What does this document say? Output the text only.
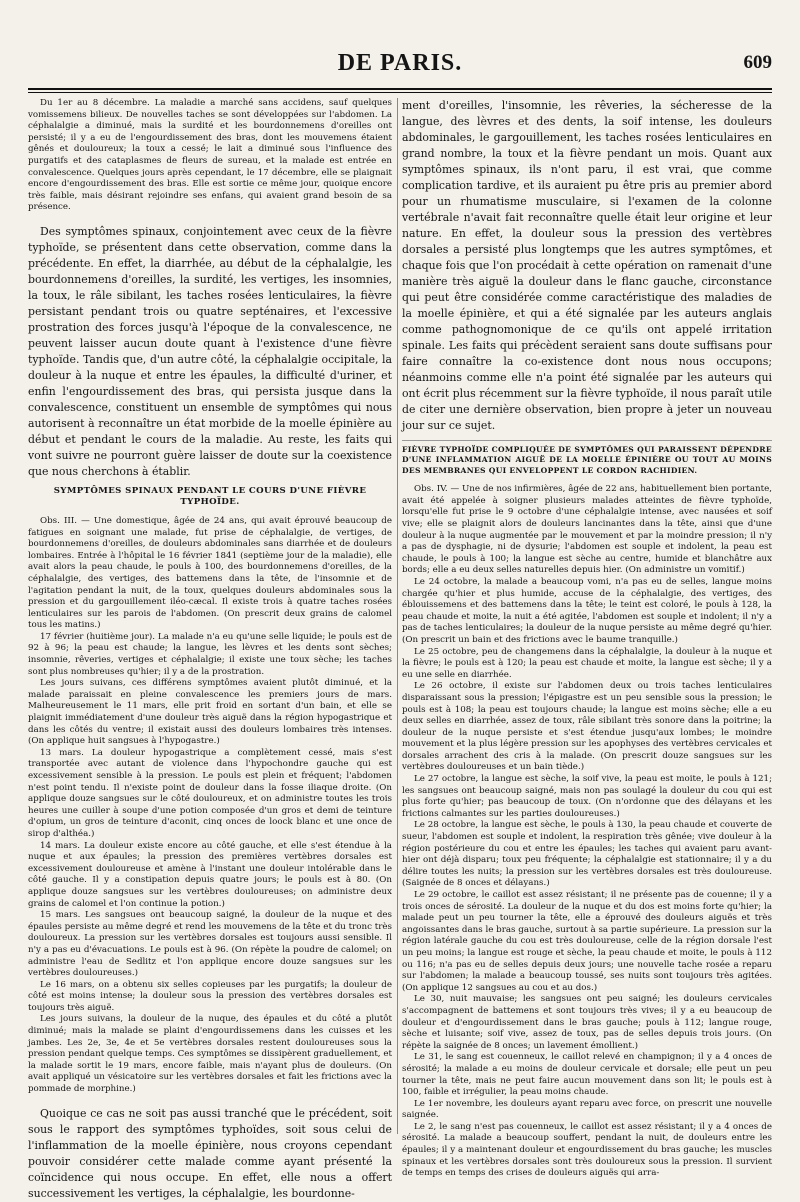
DE PARIS.	609

Du 1er au 8 décembre. La maladie a marché sans accidens, sauf quelques vomissemens bilieux. De nouvelles taches se sont développées sur l'abdomen. La céphalalgie a diminué, mais la surdité et les bourdonnemens d'oreilles ont persisté; il y a eu de l'engourdissement des bras, dont les mouvemens étaient gênés et douloureux; la toux a cessé; le lait a diminué sous l'influence des purgatifs et des cataplasmes de fleurs de sureau, et la malade est entrée en convalescence. Quelques jours après cependant, le 17 décembre, elle se plaignait encore d'engourdissement des bras. Elle est sortie ce même jour, quoique encore très faible, mais désirant rejoindre ses enfans, qui avaient grand besoin de sa présence.

Des symptômes spinaux, conjointement avec ceux de la fièvre typhoïde, se présentent dans cette observation, comme dans la précédente. En effet, la diarrhée, au début de la céphalalgie, les bourdonnemens d'oreilles, la surdité, les vertiges, les insomnies, la toux, le râle sibilant, les taches rosées lenticulaires, la fièvre persistant pendant trois ou quatre septénaires, et l'excessive prostration des forces jusqu'à l'époque de la convalescence, ne peuvent laisser aucun doute quant à l'existence d'une fièvre typhoïde. Tandis que, d'un autre côté, la céphalalgie occipitale, la douleur à la nuque et entre les épaules, la difficulté d'uriner, et enfin l'engourdissement des bras, qui persista jusque dans la convalescence, constituent un ensemble de symptômes qui nous autorisent à reconnaître un état morbide de la moelle épinière au début et pendant le cours de la maladie. Au reste, les faits qui vont suivre ne pourront guère laisser de doute sur la coexistence que nous cherchons à établir.

SYMPTÔMES SPINAUX PENDANT LE COURS D'UNE FIÈVRE TYPHOÏDE.

Obs. III. — Une domestique, âgée de 24 ans, qui avait éprouvé beaucoup de fatigues en soignant une malade, fut prise de céphalalgie, de vertiges, de bourdonnemens d'oreilles, de douleurs abdominales sans diarrhée et de douleurs lombaires. Entrée à l'hôpital le 16 février 1841 (septième jour de la maladie), elle avait alors la peau chaude, le pouls à 100, des bourdonnemens d'oreilles, de la céphalalgie, des vertiges, des battemens dans la tête, de l'insomnie et de l'agitation pendant la nuit, de la toux, quelques douleurs abdominales sous la pression et du gargouillement iléo-cæcal. Il existe trois à quatre taches rosées lenticulaires sur les parois de l'abdomen. (On prescrit deux grains de calomel tous les matins.)

17 février (huitième jour). La malade n'a eu qu'une selle liquide; le pouls est de 92 à 96; la peau est chaude; la langue, les lèvres et les dents sont sèches; insomnie, rêveries, vertiges et céphalalgie; il existe une toux sèche; les taches sont plus nombreuses qu'hier; il y a de la prostration.

Les jours suivans, ces différens symptômes avaient plutôt diminué, et la malade paraissait en pleine convalescence les premiers jours de mars. Malheureusement le 11 mars, elle prit froid en sortant d'un bain, et elle se plaignit immédiatement d'une douleur très aiguë dans la région hypogastrique et dans les côtés du ventre; il existait aussi des douleurs lombaires très intenses. (On applique huit sangsues à l'hypogastre.)

13 mars. La douleur hypogastrique a complètement cessé, mais s'est transportée avec autant de violence dans l'hypochondre gauche qui est excessivement sensible à la pression. Le pouls est plein et fréquent; l'abdomen n'est point tendu. Il n'existe point de douleur dans la fosse iliaque droite. (On applique douze sangsues sur le côté douloureux, et on administre toutes les trois heures une cuiller à soupe d'une potion composée d'un gros et demi de teinture d'opium, un gros de teinture d'aconit, cinq onces de loock blanc et une once de sirop d'althéa.)

14 mars. La douleur existe encore au côté gauche, et elle s'est étendue à la nuque et aux épaules; la pression des premières vertèbres dorsales est excessivement douloureuse et amène à l'instant une douleur intolérable dans le côté gauche. Il y a constipation depuis quatre jours; le pouls est à 80. (On applique douze sangsues sur les vertèbres douloureuses; on administre deux grains de calomel et l'on continue la potion.)

15 mars. Les sangsues ont beaucoup saigné, la douleur de la nuque et des épaules persiste au même degré et rend les mouvemens de la tête et du tronc très douloureux. La pression sur les vertèbres dorsales est toujours aussi sensible. Il n'y a pas eu d'évacuations. Le pouls est à 96. (On répète la poudre de calomel; on administre l'eau de Sedlitz et l'on applique encore douze sangsues sur les vertèbres douloureuses.)

Le 16 mars, on a obtenu six selles copieuses par les purgatifs; la douleur de côté est moins intense; la douleur sous la pression des vertèbres dorsales est toujours très aiguë.

Les jours suivans, la douleur de la nuque, des épaules et du côté a plutôt diminué; mais la malade se plaint d'engourdissemens dans les cuisses et les jambes. Les 2e, 3e, 4e et 5e vertèbres dorsales restent douloureuses sous la pression pendant quelque temps. Ces symptômes se dissipèrent graduellement, et la malade sortit le 19 mars, encore faible, mais n'ayant plus de douleurs. (On avait appliqué un vésicatoire sur les vertèbres dorsales et fait les frictions avec la pommade de morphine.)

Quoique ce cas ne soit pas aussi tranché que le précédent, soit sous le rapport des symptômes typhoïdes, soit sous celui de l'inflammation de la moelle épinière, nous croyons cependant pouvoir considérer cette malade comme ayant présenté la coïncidence qui nous occupe. En effet, elle nous a offert successivement les vertiges, la céphalalgie, les bourdonne-

ment d'oreilles, l'insomnie, les rêveries, la sécheresse de la langue, des lèvres et des dents, la soif intense, les douleurs abdominales, le gargouillement, les taches rosées lenticulaires en grand nombre, la toux et la fièvre pendant un mois. Quant aux symptômes spinaux, ils n'ont paru, il est vrai, que comme complication tardive, et ils auraient pu être pris au premier abord pour un rhumatisme musculaire, si l'examen de la colonne vertébrale n'avait fait reconnaître quelle était leur origine et leur nature. En effet, la douleur sous la pression des vertèbres dorsales a persisté plus longtemps que les autres symptômes, et chaque fois que l'on procédait à cette opération on ramenait d'une manière très aiguë la douleur dans le flanc gauche, circonstance qui peut être considérée comme caractéristique des maladies de la moelle épinière, et qui a été signalée par les auteurs anglais comme pathognomonique de ce qu'ils ont appelé irritation spinale. Les faits qui précèdent seraient sans doute suffisans pour faire connaître la co-existence dont nous nous occupons; néanmoins comme elle n'a point été signalée par les auteurs qui ont écrit plus récemment sur la fièvre typhoïde, il nous paraît utile de citer une dernière observation, bien propre à jeter un nouveau jour sur ce sujet.

FIÈVRE TYPHOÏDE COMPLIQUÉE DE SYMPTÔMES QUI PARAISSENT DÉPENDRE D'UNE INFLAMMATION AIGUË DE LA MOELLE ÉPINIÈRE OU TOUT AU MOINS DES MEMBRANES QUI ENVELOPPENT LE CORDON RACHIDIEN.

Obs. IV. — Une de nos infirmières, âgée de 22 ans, habituellement bien portante, avait été appelée à soigner plusieurs malades atteintes de fièvre typhoïde, lorsqu'elle fut prise le 9 octobre d'une céphalalgie intense, avec nausées et soif vive; elle se plaignit alors de douleurs lancinantes dans la tête, ainsi que d'une douleur à la nuque augmentée par le mouvement et par la moindre pression; il n'y a pas de dysphagie, ni de dysurie; l'abdomen est souple et indolent, la peau est chaude, le pouls à 100; la langue est sèche au centre, humide et blanchâtre aux bords; elle a eu deux selles naturelles depuis hier. (On administre un vomitif.)

Le 24 octobre, la malade a beaucoup vomi, n'a pas eu de selles, langue moins chargée qu'hier et plus humide, accuse de la céphalalgie, des vertiges, des éblouissemens et des battemens dans la tête; le teint est coloré, le pouls à 128, la peau chaude et moite, la nuit a été agitée, l'abdomen est souple et indolent; il n'y a pas de taches lenticulaires; la douleur de la nuque persiste au même degré qu'hier. (On prescrit un bain et des frictions avec le baume tranquille.)

Le 25 octobre, peu de changemens dans la céphalalgie, la douleur à la nuque et la fièvre; le pouls est à 120; la peau est chaude et moite, la langue est sèche; il y a eu une selle en diarrhée.

Le 26 octobre, il existe sur l'abdomen deux ou trois taches lenticulaires disparaissant sous la pression; l'épigastre est un peu sensible sous la pression; le pouls est à 108; la peau est toujours chaude; la langue est moins sèche; elle a eu deux selles en diarrhée, assez de toux, râle sibilant très sonore dans la poitrine; la douleur de la nuque persiste et s'est étendue jusqu'aux lombes; le moindre mouvement et la plus légère pression sur les apophyses des vertèbres cervicales et dorsales arrachent des cris à la malade. (On prescrit douze sangsues sur les vertèbres douloureuses et un bain tiède.)

Le 27 octobre, la langue est sèche, la soif vive, la peau est moite, le pouls à 121; les sangsues ont beaucoup saigné, mais non pas soulagé la douleur du cou qui est plus forte qu'hier; pas beaucoup de toux. (On n'ordonne que des délayans et les frictions calmantes sur les parties douloureuses.)

Le 28 octobre, la langue est sèche, le pouls à 130, la peau chaude et couverte de sueur, l'abdomen est souple et indolent, la respiration très gênée; vive douleur à la région postérieure du cou et entre les épaules; les taches qui avaient paru avant-hier ont déjà disparu; toux peu fréquente; la céphalalgie est stationnaire; il y a du délire toutes les nuits; la pression sur les vertèbres dorsales est très douloureuse. (Saignée de 8 onces et délayans.)

Le 29 octobre, le caillot est assez résistant; il ne présente pas de couenne; il y a trois onces de sérosité. La douleur de la nuque et du dos est moins forte qu'hier; la malade peut un peu tourner la tête, elle a éprouvé des douleurs aiguës et très angoissantes dans le bras gauche, surtout à sa partie supérieure. La pression sur la région latérale gauche du cou est très douloureuse, celle de la région dorsale l'est un peu moins; la langue est rouge et sèche, la peau chaude et moite, le pouls à 112 ou 116; n'a pas eu de selles depuis deux jours; une nouvelle tache rosée a reparu sur l'abdomen; la malade a beaucoup toussé, ses nuits sont toujours très agitées. (On applique 12 sangsues au cou et au dos.)

Le 30, nuit mauvaise; les sangsues ont peu saigné; les douleurs cervicales s'accompagnent de battemens et sont toujours très vives; il y a eu beaucoup de douleur et d'engourdissement dans le bras gauche; pouls à 112; langue rouge, sèche et luisante; soif vive, assez de toux, pas de selles depuis trois jours. (On répète la saignée de 8 onces; un lavement émollient.)

Le 31, le sang est couenneux, le caillot relevé en champignon; il y a 4 onces de sérosité; la malade a eu moins de douleur cervicale et dorsale; elle peut un peu tourner la tête, mais ne peut faire aucun mouvement dans son lit; le pouls est à 100, faible et irrégulier, la peau moins chaude.

Le 1er novembre, les douleurs ayant reparu avec force, on prescrit une nouvelle saignée.

Le 2, le sang n'est pas couenneux, le caillot est assez résistant; il y a 4 onces de sérosité. La malade a beaucoup souffert, pendant la nuit, de douleurs entre les épaules; il y a maintenant douleur et engourdissement du bras gauche; les muscles spinaux et les vertèbres dorsales sont très douloureux sous la pression. Il survient de temps en temps des crises de douleurs aiguës qui arra-
